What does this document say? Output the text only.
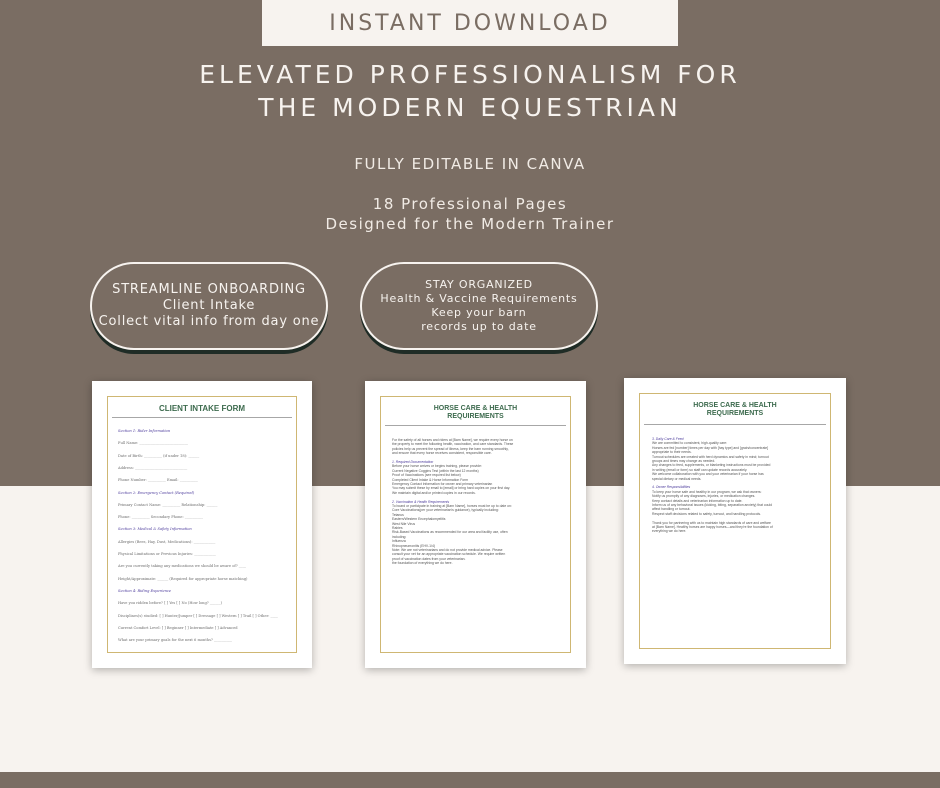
INSTANT DOWNLOAD
ELEVATED PROFESSIONALISM FOR
THE MODERN EQUESTRIAN
FULLY EDITABLE IN CANVA
18 Professional Pages
Designed for the Modern Trainer
STREAMLINE ONBOARDING
Client Intake
Collect vital info from day one
STAY ORGANIZED
Health & Vaccine Requirements
Keep your barn
records up to date
CLIENT INTAKE FORM
Section 1: Rider Information
Full Name: ___________________________
Date of Birth: __________ (if under 18): ______
Address: _____________________________
Phone Number: __________ Email: __________
Section 2: Emergency Contact (Required)
Primary Contact Name: __________ Relationship: ______
Phone: __________ Secondary Phone: __________
Section 3: Medical & Safety Information
Allergies (Bees, Hay, Dust, Medications): ____________
Physical Limitations or Previous Injuries: ____________
Are you currently taking any medications we should be aware of? ____
Height/Approximate: ______ (Required for appropriate horse matching)
Section 4: Riding Experience
Have you ridden before? [ ] Yes [ ] No (How long? ______)
Disciplines(s) studied: [ ] Hunter/Jumper [ ] Dressage [ ] Western [ ] Trail [ ] Other: ____
Current Comfort Level: [ ] Beginner [ ] Intermediate [ ] Advanced
What are your primary goals for the next 6 months? __________
HORSE CARE & HEALTH
REQUIREMENTS
For the safety of all horses and riders at [Barn Name], we require every horse on
the property to meet the following health, vaccination, and care standards. These
policies help us prevent the spread of illness, keep the barn running smoothly,
and ensure that every horse receives consistent, responsible care.
1. Required Documentation
Before your horse arrives or begins training, please provide:
Current Negative Coggins Test (within the last 12 months)
Proof of Vaccinations (see required list below)
Completed Client Intake & Horse Information Form
Emergency Contact Information for owner and primary veterinarian
You may submit these by email to [email] or bring hard copies on your first day.
We maintain digital and/or printed copies in our records.
2. Vaccination & Health Requirements
To board or participate in training at [Barn Name], horses must be up to date on:
Core Vaccinations(per your veterinarian's guidance), typically including:
Tetanus
Eastern/Western Encephalomyelitis
West Nile Virus
Rabies
Risk-Based Vaccinations as recommended for our area and facility use, often
including:
Influenza
Rhinopneumonitis (EHV-1/4)
Note: We are not veterinarians and do not provide medical advice. Please
consult your vet for an appropriate vaccination schedule. We require written
proof of vaccination dates from your veterinarian.
the foundation of everything we do here.
HORSE CARE & HEALTH
REQUIREMENTS
3. Daily Care & Feed
We are committed to consistent, high-quality care:
Horses are fed [number] times per day with [hay type] and [grain/concentrate]
appropriate to their needs.
Turnout schedules are created with herd dynamics and safety in mind; turnout
groups and times may change as needed.
Any changes to feed, supplements, or blanketing instructions must be provided
in writing (email or form) so staff can update records accurately.
We welcome collaboration with you and your veterinarian if your horse has
special dietary or medical needs.
4. Owner Responsibilities
To keep your horse safe and healthy in our program, we ask that owners:
Notify us promptly of any diagnoses, injuries, or medication changes.
Keep contact details and veterinarian information up to date.
Inform us of any behavioral issues (kicking, biting, separation anxiety) that could
affect handling or turnout.
Respect staff decisions related to safety, turnout, and handling protocols.
Thank you for partnering with us to maintain high standards of care and welfare
at [Barn Name]. Healthy horses are happy horses—and they're the foundation of
everything we do here.
